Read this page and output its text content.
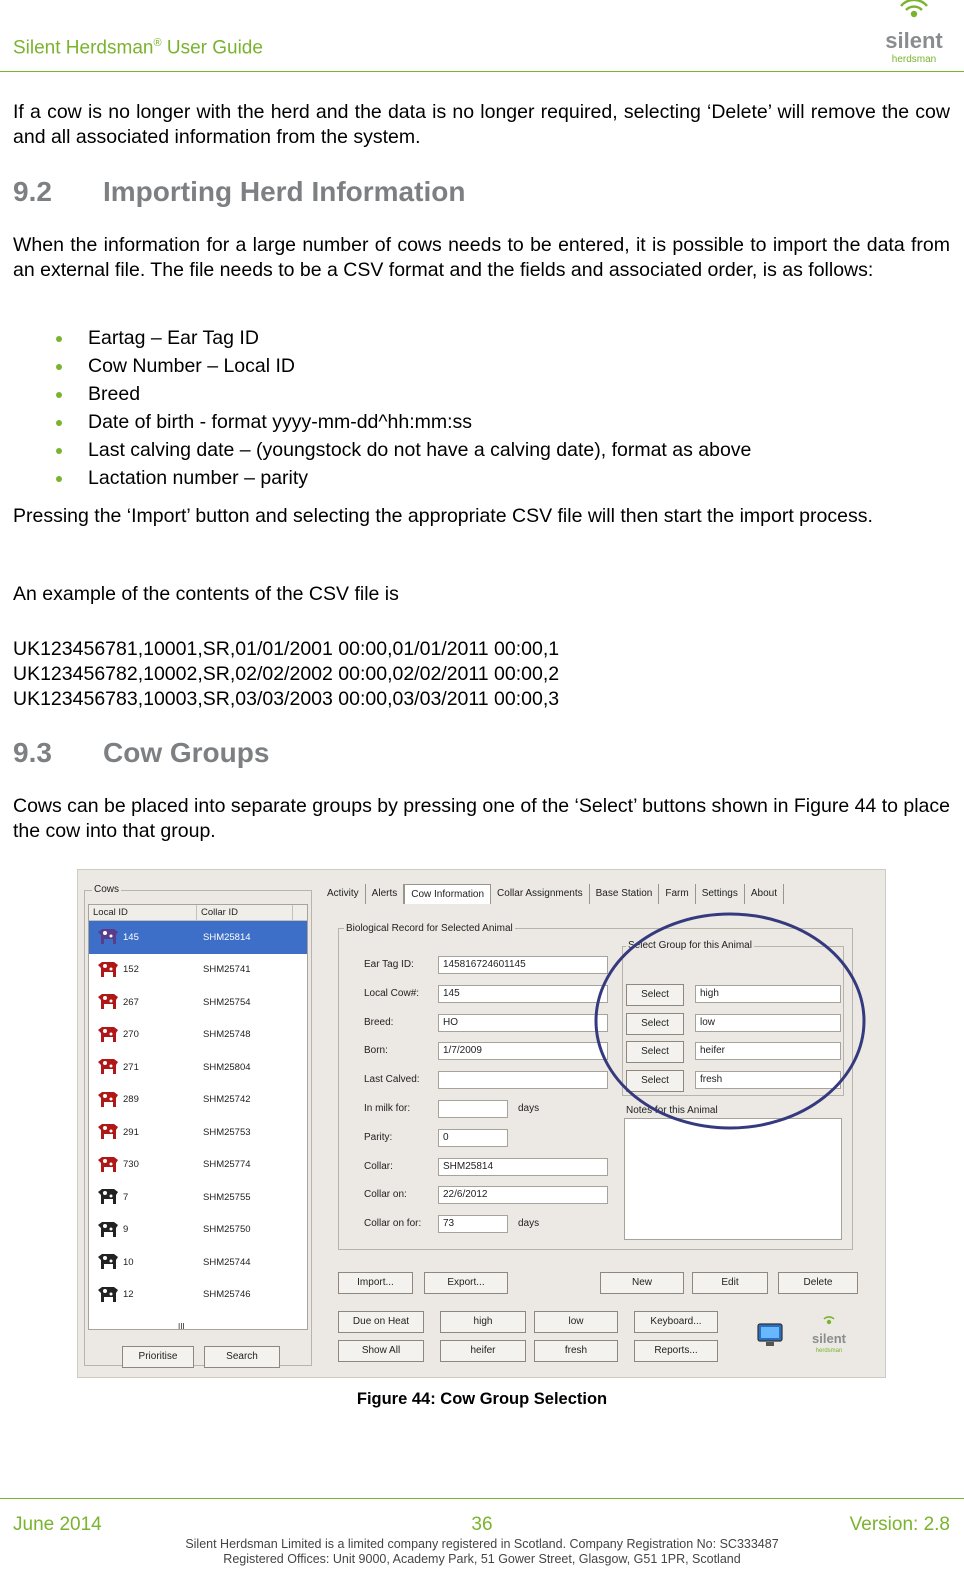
Silent Herdsman® User Guide	silent
herdsman
If a cow is no longer with the herd and the data is no longer required, selecting ‘Delete’ will remove the cow and all associated information from the system.
9.2 Importing Herd Information
When the information for a large number of cows needs to be entered, it is possible to import the data from an external file. The file needs to be a CSV format and the fields and associated order, is as follows:
Eartag – Ear Tag ID
Cow Number – Local ID
Breed
Date of birth - format yyyy-mm-dd^hh:mm:ss
Last calving date – (youngstock do not have a calving date), format as above
Lactation number – parity
Pressing the ‘Import’ button and selecting the appropriate CSV file will then start the import process.
An example of the contents of the CSV file is
UK123456781,10001,SR,01/01/2001 00:00,01/01/2011 00:00,1
UK123456782,10002,SR,02/02/2002 00:00,02/02/2011 00:00,2
UK123456783,10003,SR,03/03/2003 00:00,03/03/2011 00:00,3
9.3 Cow Groups
Cows can be placed into separate groups by pressing one of the ‘Select’ buttons shown in Figure 44 to place the cow into that group.
Cows
Local ID	Collar ID
145	SHM25814
152	SHM25741
267	SHM25754
270	SHM25748
271	SHM25804
289	SHM25742
291	SHM25753
730	SHM25774
7	SHM25755
9	SHM25750
10	SHM25744
12	SHM25746
III
Prioritise	Search
Activity	Alerts	Cow Information	Collar Assignments	Base Station	Farm	Settings	About
Biological Record for Selected Animal
Ear Tag ID:	145816724601145
Local Cow#:	145
Breed:	HO
Born:	1/7/2009
Last Calved:
In milk for:	days
Parity:	0
Collar:	SHM25814
Collar on:	22/6/2012
Collar on for:	73	days
Select Group for this Animal
Select	high
Select	low
Select	heifer
Select	fresh
Notes for this Animal
Import...	Export...	New	Edit	Delete
Due on Heat
Show All
high	low
heifer	fresh
Keyboard...
Reports...
silent
herdsman
Figure 44: Cow Group Selection
June 2014	36	Version: 2.8
Silent Herdsman Limited is a limited company registered in Scotland. Company Registration No: SC333487
Registered Offices: Unit 9000, Academy Park, 51 Gower Street, Glasgow, G51 1PR, Scotland
